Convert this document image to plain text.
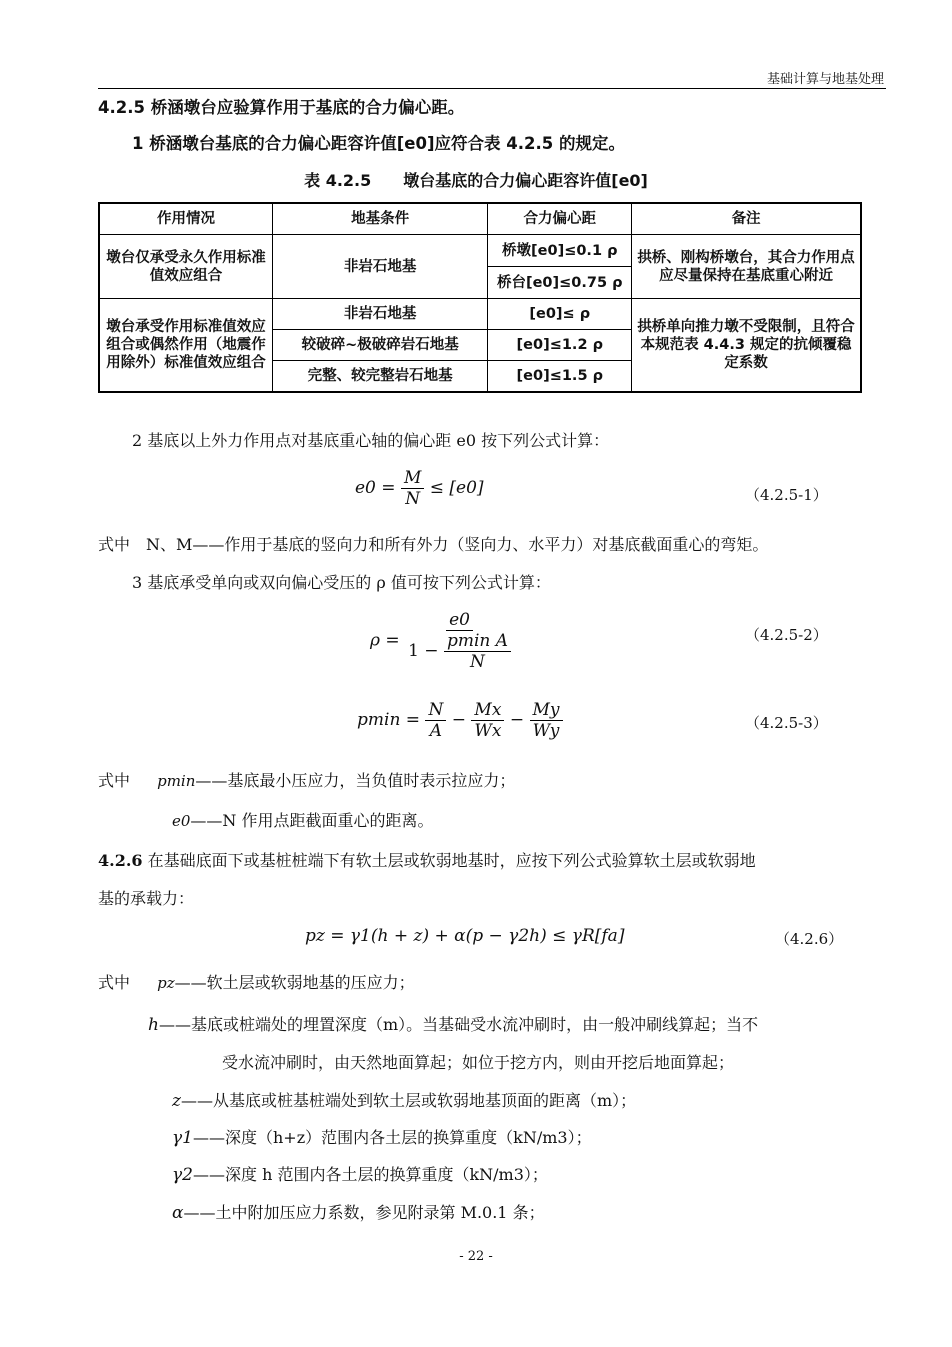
基础计算与地基处理
4.2.5 桥涵墩台应验算作用于基底的合力偏心距。
1 桥涵墩台基底的合力偏心距容许值[e0]应符合表 4.2.5 的规定。
表 4.2.5　　墩台基底的合力偏心距容许值[e0]
作用情况	地基条件	合力偏心距	备注
墩台仅承受永久作用标准值效应组合	非岩石地基	桥墩[e0]≤0.1 ρ	拱桥、刚构桥墩台，其合力作用点应尽量保持在基底重心附近
		桥台[e0]≤0.75 ρ	
墩台承受作用标准值效应组合或偶然作用（地震作用除外）标准值效应组合	非岩石地基	[e0]≤ ρ	拱桥单向推力墩不受限制，且符合本规范表 4.4.3 规定的抗倾覆稳定系数
	较破碎~极破碎岩石地基	[e0]≤1.2 ρ	
	完整、较完整岩石地基	[e0]≤1.5 ρ	
2 基底以上外力作用点对基底重心轴的偏心距 e0 按下列公式计算：
$e0 = \frac{M}{N} \le [e0]$	（4.2.5-1）
式中　N、M——作用于基底的竖向力和所有外力（竖向力、水平力）对基底截面重心的弯矩。
3 基底承受单向或双向偏心受压的 ρ 值可按下列公式计算：
$\rho = \frac{e0}{1 - \frac{\text{pmin A}}{N}}$	（4.2.5-2）
$pmin = \frac{N}{A} - \frac{Mx}{Wx} - \frac{My}{Wy}$	（4.2.5-3）
式中 pmin——基底最小压应力，当负值时表示拉应力；
e0——N 作用点距截面重心的距离。
4.2.6 在基础底面下或基桩桩端下有软土层或软弱地基时，应按下列公式验算软土层或软弱地
基的承载力：
pz = γ1(h + z) + α(p − γ2h) ≤ γR[fa]	（4.2.6）
式中 pz——软土层或软弱地基的压应力；
h——基底或桩端处的埋置深度（m）。当基础受水流冲刷时，由一般冲刷线算起；当不
受水流冲刷时，由天然地面算起；如位于挖方内，则由开挖后地面算起；
z——从基底或桩基桩端处到软土层或软弱地基顶面的距离（m）；
γ1——深度（h+z）范围内各土层的换算重度（kN/m3）；
γ2——深度 h 范围内各土层的换算重度（kN/m3）；
α——土中附加压应力系数，参见附录第 M.0.1 条；
- 22 -
